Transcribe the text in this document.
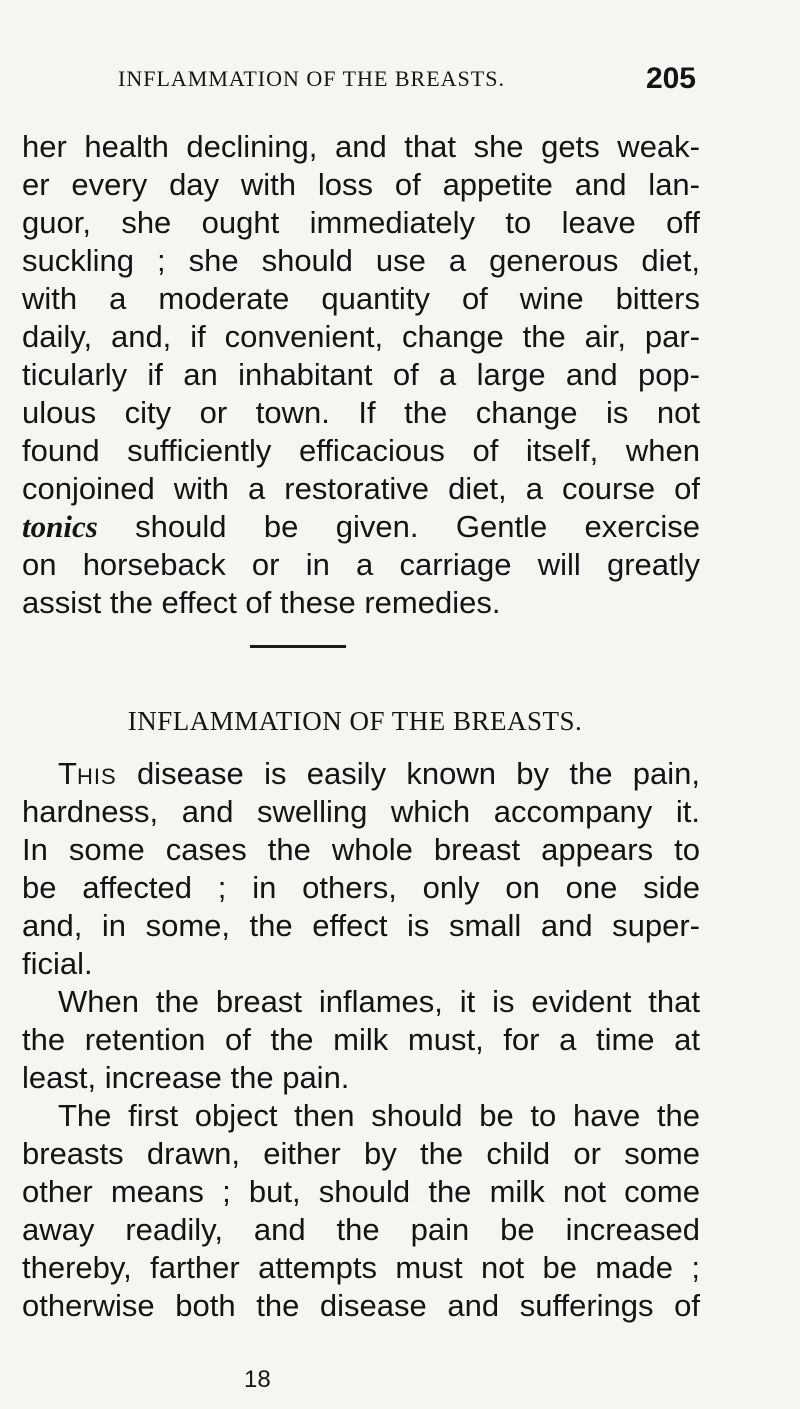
INFLAMMATION OF THE BREASTS.	205
her health declining, and that she gets weak-
er every day with loss of appetite and lan-
guor, she ought immediately to leave off
suckling ; she should use a generous diet,
with a moderate quantity of wine bitters
daily, and, if convenient, change the air, par-
ticularly if an inhabitant of a large and pop-
ulous city or town. If the change is not
found sufficiently efficacious of itself, when
conjoined with a restorative diet, a course of
tonics should be given. Gentle exercise
on horseback or in a carriage will greatly
assist the effect of these remedies.
INFLAMMATION OF THE BREASTS.
THIS disease is easily known by the pain,
hardness, and swelling which accompany it.
In some cases the whole breast appears to
be affected ; in others, only on one side
and, in some, the effect is small and super-
ficial.
When the breast inflames, it is evident that
the retention of the milk must, for a time at
least, increase the pain.
The first object then should be to have the
breasts drawn, either by the child or some
other means ; but, should the milk not come
away readily, and the pain be increased
thereby, farther attempts must not be made ;
otherwise both the disease and sufferings of
18
